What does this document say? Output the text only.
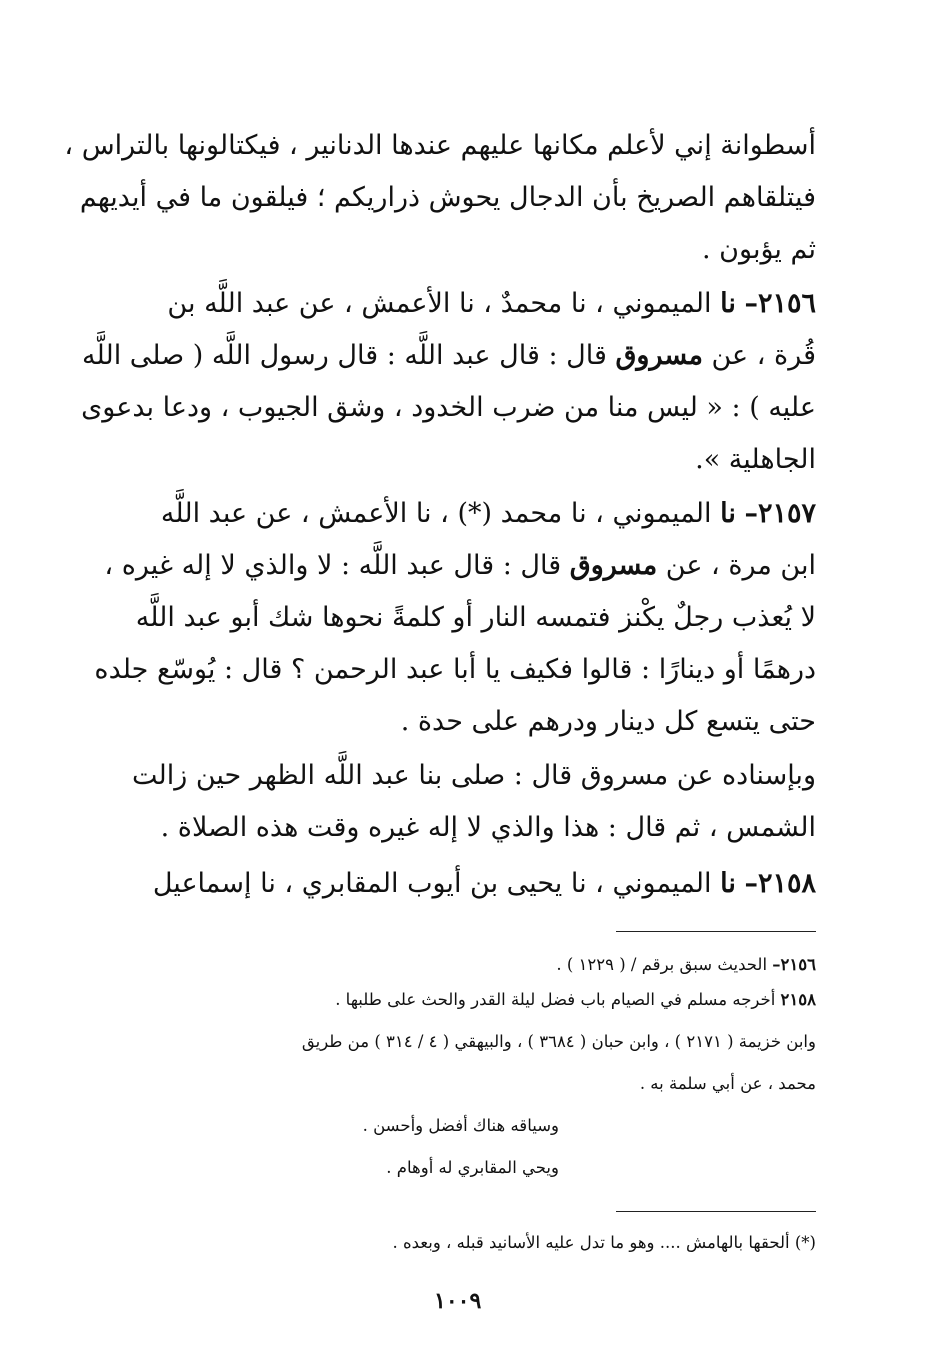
أسطوانة إني لأعلم مكانها عليهم عندها الدنانير ، فيكتالونها بالتراس ،
فيتلقاهم الصريخ بأن الدجال يحوش ذراريكم ؛ فيلقون ما في أيديهم
ثم يؤبون .
٢١٥٦– نا الميموني ، نا محمدٌ ، نا الأعمش ، عن عبد اللَّه بن
قُرة ، عن مسروق قال : قال عبد اللَّه : قال رسول اللَّه ( صلى اللَّه
عليه ) : « ليس منا من ضرب الخدود ، وشق الجيوب ، ودعا بدعوى
الجاهلية ».
٢١٥٧– نا الميموني ، نا محمد (*) ، نا الأعمش ، عن عبد اللَّه
ابن مرة ، عن مسروق قال : قال عبد اللَّه : لا والذي لا إله غيره ،
لا يُعذب رجلٌ يكْنز فتمسه النار أو كلمةً نحوها شك أبو عبد اللَّه
درهمًا أو دينارًا : قالوا فكيف يا أبا عبد الرحمن ؟ قال : يُوسّع جلده
حتى يتسع كل دينار ودرهم على حدة .
وبإسناده عن مسروق قال : صلى بنا عبد اللَّه الظهر حين زالت
الشمس ، ثم قال : هذا والذي لا إله غيره وقت هذه الصلاة .
٢١٥٨– نا الميموني ، نا يحيى بن أيوب المقابري ، نا إسماعيل
٢١٥٦– الحديث سبق برقم / ( ١٢٢٩ ) .
٢١٥٨ أخرجه مسلم في الصيام باب فضل ليلة القدر والحث على طلبها .
وابن خزيمة ( ٢١٧١ ) ، وابن حبان ( ٣٦٨٤ ) ، والبيهقي ( ٤ / ٣١٤ ) من طريق
محمد ، عن أبي سلمة به .
وسياقه هناك أفضل وأحسن .
ويحي المقابري له أوهام .
(*) ألحقها بالهامش .... وهو ما تدل عليه الأسانيد قبله ، وبعده .
١٠٠٩
